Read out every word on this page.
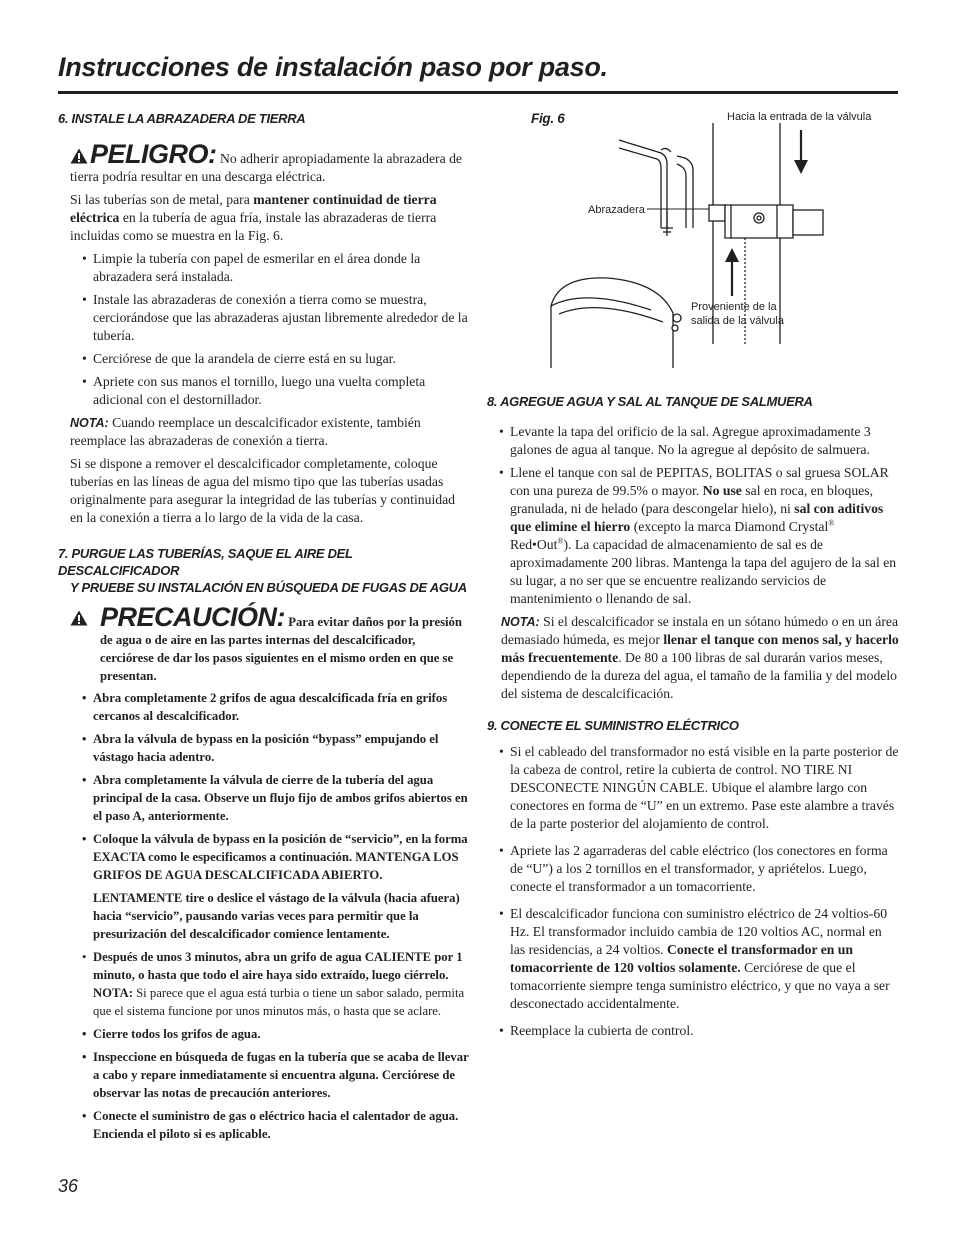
Instrucciones de instalación paso por paso.
6. INSTALE LA ABRAZADERA DE TIERRA

PELIGRO: No adherir apropiadamente la abrazadera de tierra podría resultar en una descarga eléctrica.

Si las tuberías son de metal, para mantener continuidad de tierra eléctrica en la tubería de agua fría, instale las abrazaderas de tierra incluidas como se muestra en la Fig. 6.

• Limpie la tubería con papel de esmerilar en el área donde la abrazadera será instalada.
• Instale las abrazaderas de conexión a tierra como se muestra, cerciorándose que las abrazaderas ajustan libremente alrededor de la tubería.
• Cerciórese de que la arandela de cierre está en su lugar.
• Apriete con sus manos el tornillo, luego una vuelta completa adicional con el destornillador.

NOTA: Cuando reemplace un descalcificador existente, también reemplace las abrazaderas de conexión a tierra.

Si se dispone a remover el descalcificador completamente, coloque tuberías en las líneas de agua del mismo tipo que las tuberías usadas originalmente para asegurar la integridad de las tuberías y continuidad en la conexión a tierra a lo largo de la vida de la casa.

7. PURGUE LAS TUBERÍAS, SAQUE EL AIRE DEL DESCALCIFICADOR
Y PRUEBE SU INSTALACIÓN EN BÚSQUEDA DE FUGAS DE AGUA

PRECAUCIÓN: Para evitar daños por la presión de agua o de aire en las partes internas del descalcificador, cerciórese de dar los pasos siguientes en el mismo orden en que se presentan.

• Abra completamente 2 grifos de agua descalcificada fría en grifos cercanos al descalcificador.
• Abra la válvula de bypass en la posición “bypass” empujando el vástago hacia adentro.
• Abra completamente la válvula de cierre de la tubería del agua principal de la casa. Observe un flujo fijo de ambos grifos abiertos en el paso A, anteriormente.
• Coloque la válvula de bypass en la posición de “servicio”, en la forma EXACTA como le especificamos a continuación. MANTENGA LOS GRIFOS DE AGUA DESCALCIFICADA ABIERTO.

LENTAMENTE tire o deslice el vástago de la válvula (hacia afuera) hacia “servicio”, pausando varias veces para permitir que la presurización del descalcificador comience lentamente.

• Después de unos 3 minutos, abra un grifo de agua CALIENTE por 1 minuto, o hasta que todo el aire haya sido extraído, luego ciérrelo. NOTA: Si parece que el agua está turbia o tiene un sabor salado, permita que el sistema funcione por unos minutos más, o hasta que se aclare.
• Cierre todos los grifos de agua.
• Inspeccione en búsqueda de fugas en la tubería que se acaba de llevar a cabo y repare inmediatamente si encuentra alguna. Cerciórese de observar las notas de precaución anteriores.
• Conecte el suministro de gas o eléctrico hacia el calentador de agua. Encienda el piloto si es aplicable.
Fig. 6	Hacia la entrada de la válvula
Abrazadera
Proveniente de la
salida de la válvula
8. AGREGUE AGUA Y SAL AL TANQUE DE SALMUERA
• Levante la tapa del orificio de la sal. Agregue aproximadamente 3 galones de agua al tanque. No la agregue al depósito de salmuera.
• Llene el tanque con sal de PEPITAS, BOLITAS o sal gruesa SOLAR con una pureza de 99.5% o mayor. No use sal en roca, en bloques, granulada, ni de helado (para descongelar hielo), ni sal con aditivos que elimine el hierro (excepto la marca Diamond Crystal® Red•Out®). La capacidad de almacenamiento de sal es de aproximadamente 200 libras. Mantenga la tapa del agujero de la sal en su lugar, a no ser que se encuentre realizando servicios de mantenimiento o llenando de sal.

NOTA: Si el descalcificador se instala en un sótano húmedo o en un área demasiado húmeda, es mejor llenar el tanque con menos sal, y hacerlo más frecuentemente. De 80 a 100 libras de sal durarán varios meses, dependiendo de la dureza del agua, el tamaño de la familia y del modelo del sistema de descalcificación.

9. CONECTE EL SUMINISTRO ELÉCTRICO
• Si el cableado del transformador no está visible en la parte posterior de la cabeza de control, retire la cubierta de control. NO TIRE NI DESCONECTE NINGÚN CABLE. Ubique el alambre largo con conectores en forma de “U” en un extremo. Pase este alambre a través de la parte posterior del alojamiento de control.
• Apriete las 2 agarraderas del cable eléctrico (los conectores en forma de “U”) a los 2 tornillos en el transformador, y apriételos. Luego, conecte el transformador a un tomacorriente.
• El descalcificador funciona con suministro eléctrico de 24 voltios-60 Hz. El transformador incluido cambia de 120 voltios AC, normal en las residencias, a 24 voltios. Conecte el transformador en un tomacorriente de 120 voltios solamente. Cerciórese de que el tomacorriente siempre tenga suministro eléctrico, y que no vaya a ser desconectado accidentalmente.
• Reemplace la cubierta de control.
36
